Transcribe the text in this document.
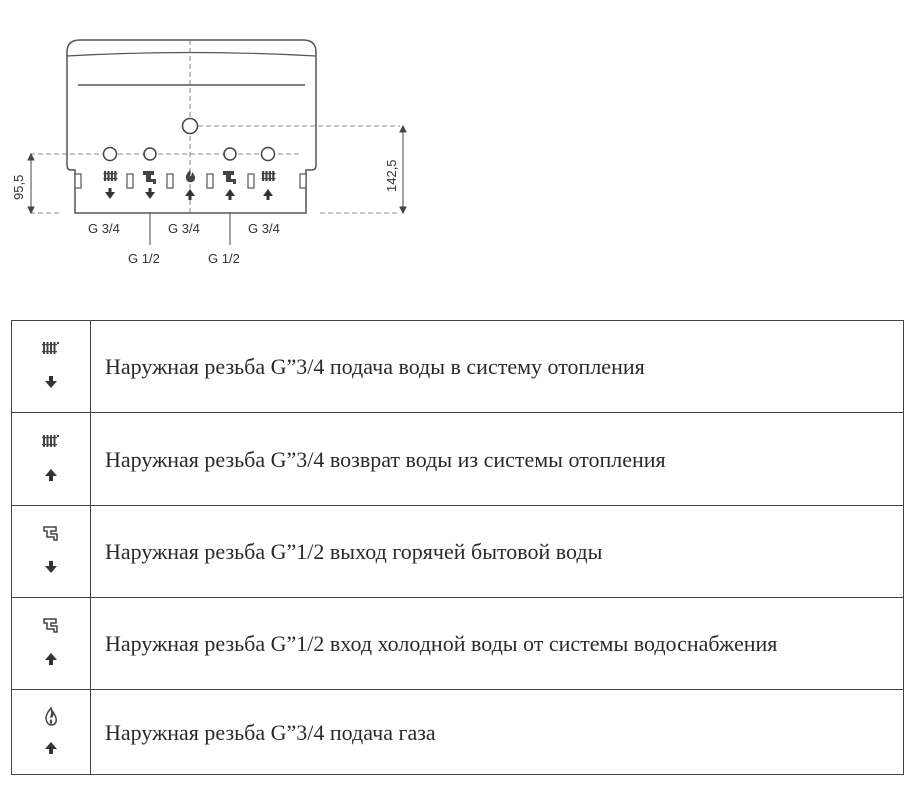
95,5	142,5
G 3/4
G 1/2
G 3/4
G 1/2
G 3/4

	Наружная резьба G”3/4 подача воды в систему отопления

	Наружная резьба G”3/4 возврат воды из системы отопления

	Наружная резьба G”1/2 выход горячей бытовой воды

	Наружная резьба G”1/2 вход холодной воды от системы водоснабжения

	Наружная резьба G”3/4 подача газа
